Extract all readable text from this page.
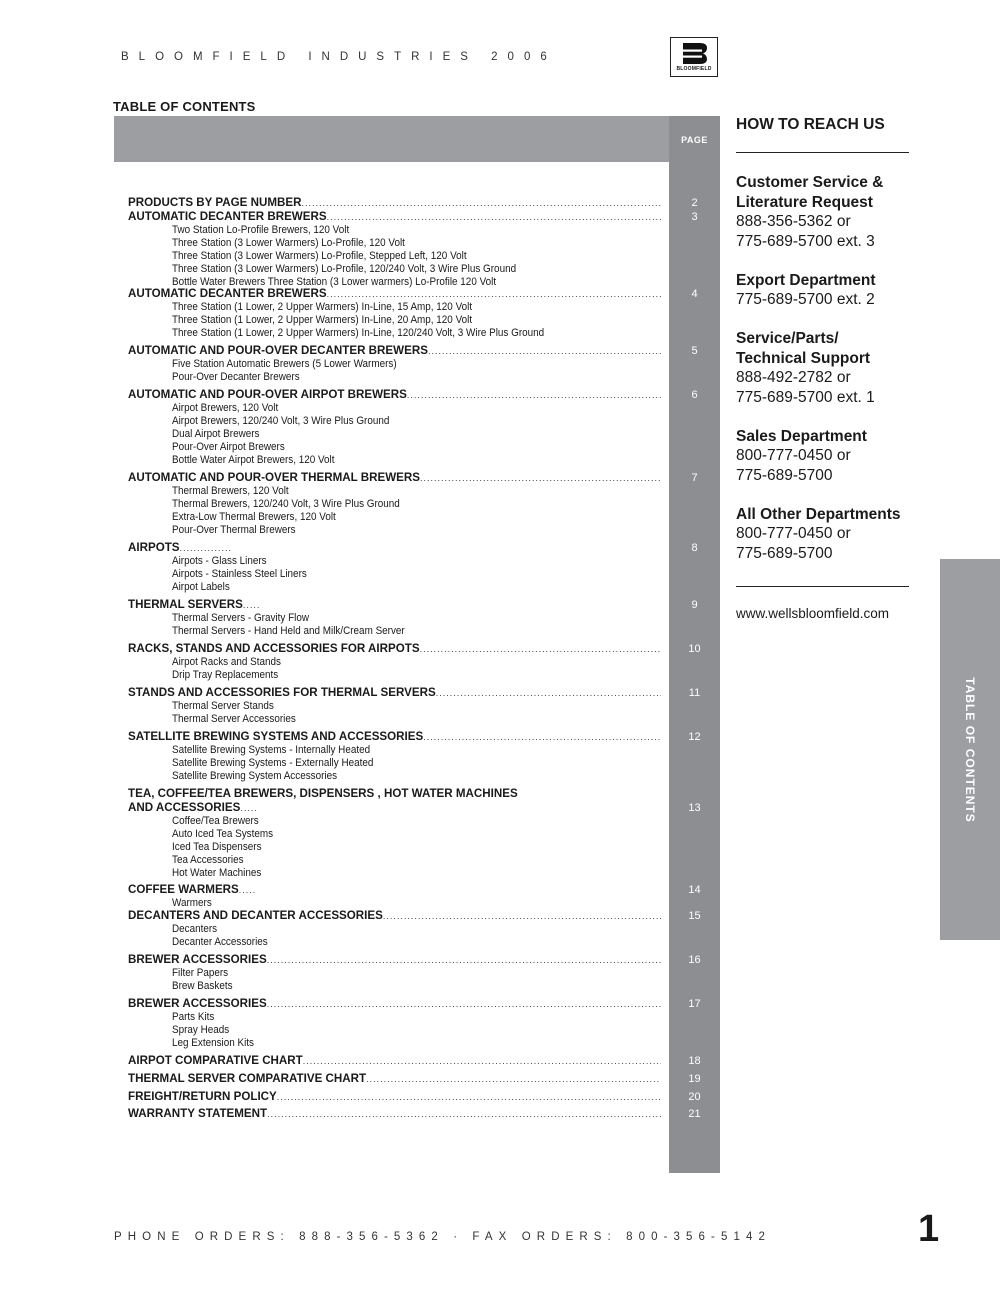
BLOOMFIELD INDUSTRIES 2006
BLOOMFIELD
TABLE OF CONTENTS
PAGE
PRODUCTS BY PAGE NUMBER .....	2
AUTOMATIC DECANTER BREWERS .....	3
Two Station Lo-Profile Brewers, 120 Volt
Three Station (3 Lower Warmers) Lo-Profile, 120 Volt
Three Station (3 Lower Warmers) Lo-Profile, Stepped Left, 120 Volt
Three Station (3 Lower Warmers) Lo-Profile, 120/240 Volt, 3 Wire Plus Ground
Bottle Water Brewers Three Station (3 Lower warmers) Lo-Profile 120 Volt
AUTOMATIC DECANTER BREWERS .....	4
Three Station (1 Lower, 2 Upper Warmers) In-Line, 15 Amp, 120 Volt
Three Station (1 Lower, 2 Upper Warmers) In-Line, 20 Amp, 120 Volt
Three Station (1 Lower, 2 Upper Warmers) In-Line, 120/240 Volt, 3 Wire Plus Ground
AUTOMATIC AND POUR-OVER DECANTER BREWERS .....	5
Five Station Automatic Brewers (5 Lower Warmers)
Pour-Over Decanter Brewers
AUTOMATIC AND POUR-OVER AIRPOT BREWERS .....	6
Airpot Brewers, 120 Volt
Airpot Brewers, 120/240 Volt, 3 Wire Plus Ground
Dual Airpot Brewers
Pour-Over Airpot Brewers
Bottle Water Airpot Brewers, 120 Volt
AUTOMATIC AND POUR-OVER THERMAL BREWERS .....	7
Thermal Brewers, 120 Volt
Thermal Brewers, 120/240 Volt, 3 Wire Plus Ground
Extra-Low Thermal Brewers, 120 Volt
Pour-Over Thermal Brewers
AIRPOTS .....	8
Airpots - Glass Liners
Airpots - Stainless Steel Liners
Airpot Labels
THERMAL SERVERS .....	9
Thermal Servers - Gravity Flow
Thermal Servers - Hand Held and Milk/Cream Server
RACKS, STANDS AND ACCESSORIES FOR AIRPOTS .....	10
Airpot Racks and Stands
Drip Tray Replacements
STANDS AND ACCESSORIES FOR THERMAL SERVERS .....	11
Thermal Server Stands
Thermal Server Accessories
SATELLITE BREWING SYSTEMS AND ACCESSORIES .....	12
Satellite Brewing Systems - Internally Heated
Satellite Brewing Systems - Externally Heated
Satellite Brewing System Accessories
TEA, COFFEE/TEA BREWERS, DISPENSERS , HOT WATER MACHINES
AND ACCESSORIES .....	13
Coffee/Tea Brewers
Auto Iced Tea Systems
Iced Tea Dispensers
Tea Accessories
Hot Water Machines
COFFEE WARMERS .....	14
Warmers
DECANTERS AND DECANTER ACCESSORIES .....	15
Decanters
Decanter Accessories
BREWER ACCESSORIES .....	16
Filter Papers
Brew Baskets
BREWER ACCESSORIES .....	17
Parts Kits
Spray Heads
Leg Extension Kits
AIRPOT COMPARATIVE CHART .....	18
THERMAL SERVER COMPARATIVE CHART .....	19
FREIGHT/RETURN POLICY .....	20
WARRANTY STATEMENT .....	21
HOW TO REACH US
Customer Service &
Literature Request
888-356-5362 or
775-689-5700 ext. 3
Export Department
775-689-5700 ext. 2
Service/Parts/
Technical Support
888-492-2782 or
775-689-5700 ext. 1
Sales Department
800-777-0450 or
775-689-5700
All Other Departments
800-777-0450 or
775-689-5700
www.wellsbloomfield.com
TABLE OF CONTENTS
PHONE ORDERS: 888-356-5362 · FAX ORDERS: 800-356-5142	1
